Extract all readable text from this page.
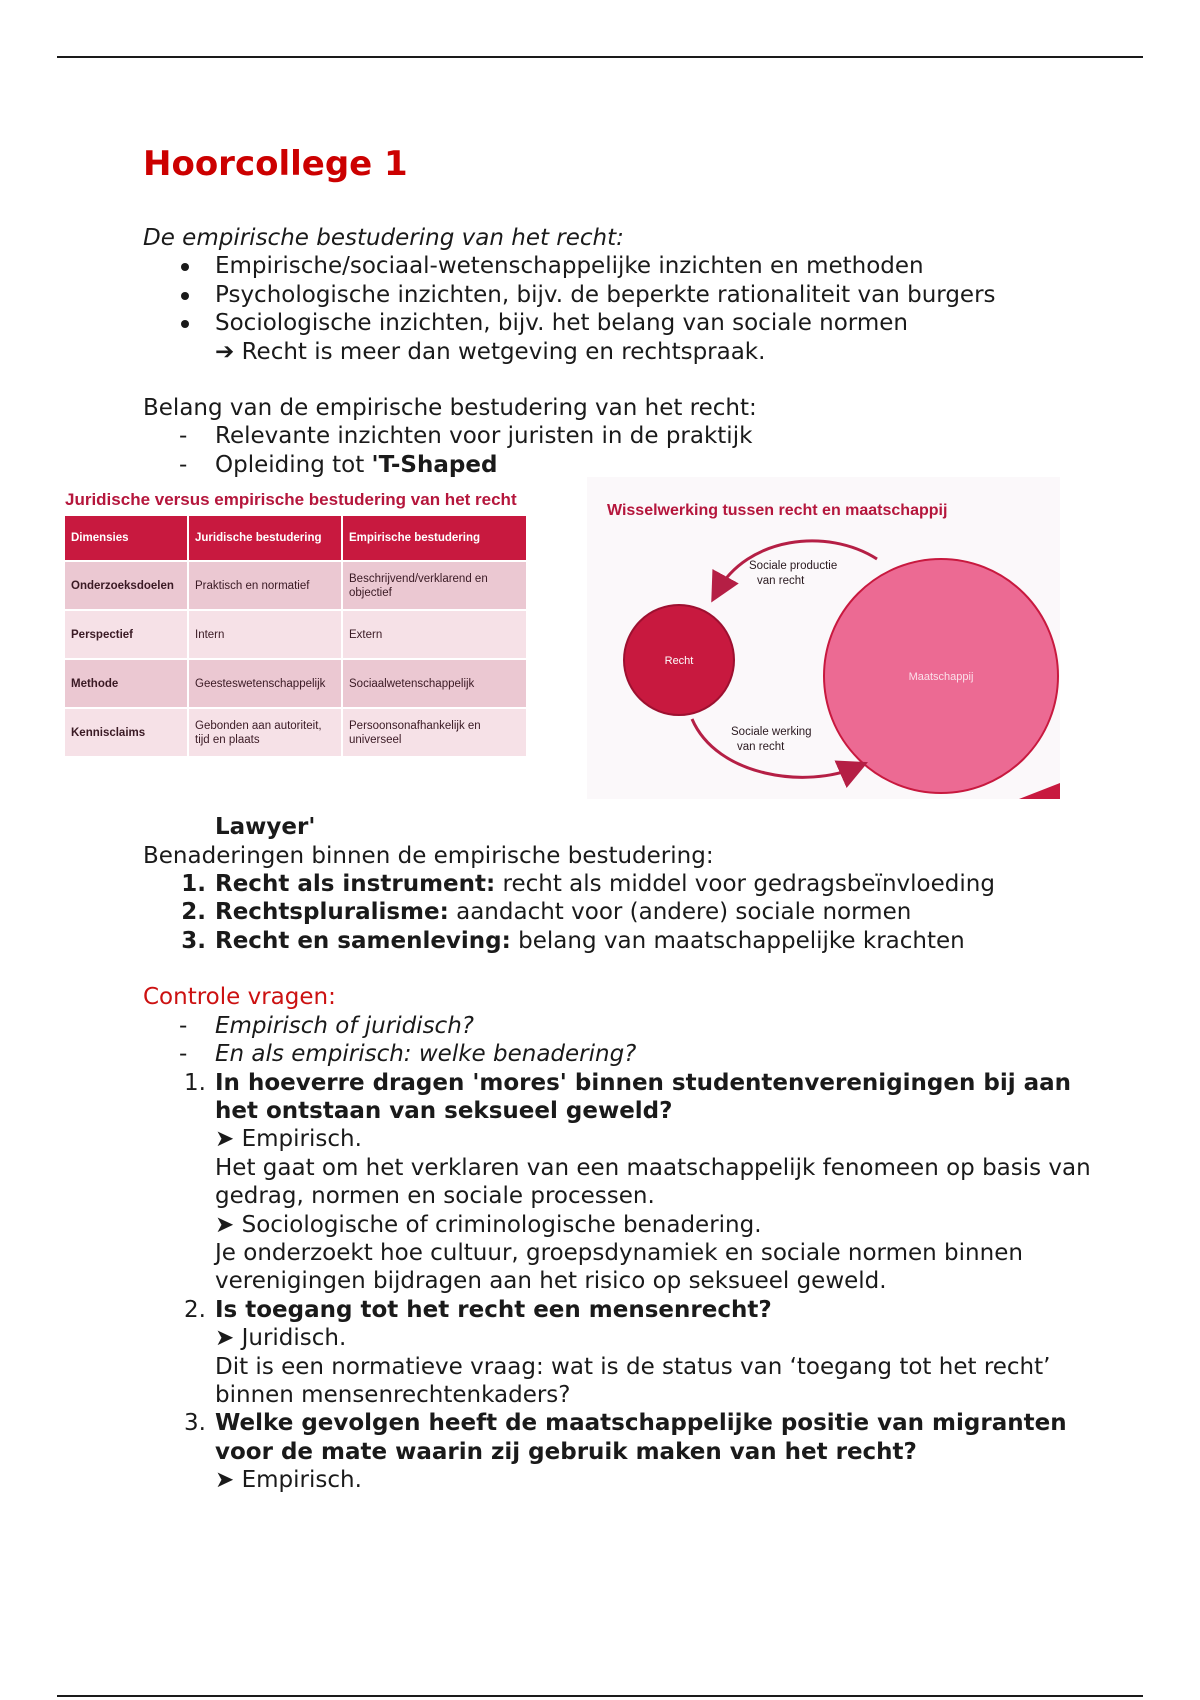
Hoorcollege 1

De empirische bestudering van het recht:

Empirische/sociaal-wetenschappelijke inzichten en methoden
Psychologische inzichten, bijv. de beperkte rationaliteit van burgers
Sociologische inzichten, bijv. het belang van sociale normen
➔ Recht is meer dan wetgeving en rechtspraak.

Belang van de empirische bestudering van het recht:

-	Relevante inzichten voor juristen in de praktijk
-	Opleiding tot 'T-Shaped
Juridische versus empirische bestudering van het recht
Dimensies	Juridische bestudering	Empirische bestudering
Onderzoeksdoelen	Praktisch en normatief	Beschrijvend/verklarend en objectief
Perspectief	Intern	Extern
Methode	Geesteswetenschappelijk	Sociaalwetenschappelijk
Kennisclaims	Gebonden aan autoriteit, tijd en plaats	Persoonsonafhankelijk en universeel
Wisselwerking tussen recht en maatschappij
Recht
Maatschappij
Sociale productie
van recht
Sociale werking
van recht
Lawyer'

Benaderingen binnen de empirische bestudering:

1. Recht als instrument: recht als middel voor gedragsbeïnvloeding
2. Rechtspluralisme: aandacht voor (andere) sociale normen
3. Recht en samenleving: belang van maatschappelijke krachten

Controle vragen:

-	Empirisch of juridisch?
-	En als empirisch: welke benadering?
1. In hoeverre dragen 'mores' binnen studentenverenigingen bij aan het ontstaan van seksueel geweld?
➤ Empirisch.
Het gaat om het verklaren van een maatschappelijk fenomeen op basis van gedrag, normen en sociale processen.
➤ Sociologische of criminologische benadering.
Je onderzoekt hoe cultuur, groepsdynamiek en sociale normen binnen verenigingen bijdragen aan het risico op seksueel geweld.
2. Is toegang tot het recht een mensenrecht?
➤ Juridisch.
Dit is een normatieve vraag: wat is de status van ‘toegang tot het recht’ binnen mensenrechtenkaders?
3. Welke gevolgen heeft de maatschappelijke positie van migranten voor de mate waarin zij gebruik maken van het recht?
➤ Empirisch.
